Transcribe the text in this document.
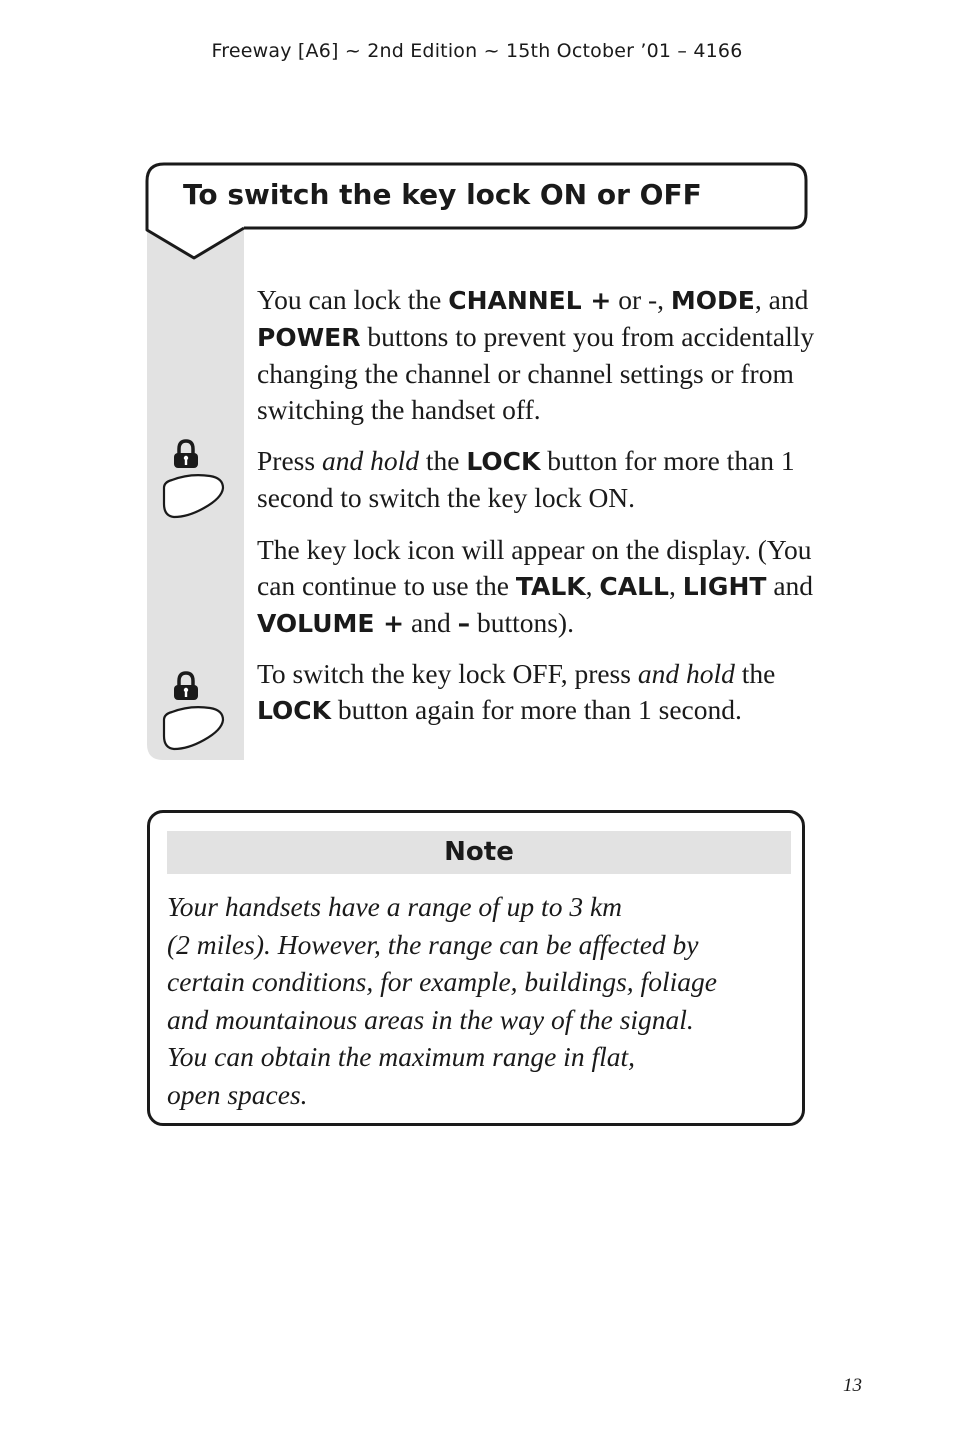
Freeway [A6] ~ 2nd Edition ~ 15th October ’01 – 4166
To switch the key lock ON or OFF

You can lock the CHANNEL + or -, MODE, and POWER buttons to prevent you from accidentally changing the channel or channel settings or from switching the handset off.

Press and hold the LOCK button for more than 1 second to switch the key lock ON.

The key lock icon will appear on the display. (You can continue to use the TALK, CALL, LIGHT and VOLUME + and – buttons).

To switch the key lock OFF, press and hold the LOCK button again for more than 1 second.

Note

Your handsets have a range of up to 3 km
(2 miles). However, the range can be affected by
certain conditions, for example, buildings, foliage
and mountainous areas in the way of the signal.
You can obtain the maximum range in flat,
open spaces.

13
